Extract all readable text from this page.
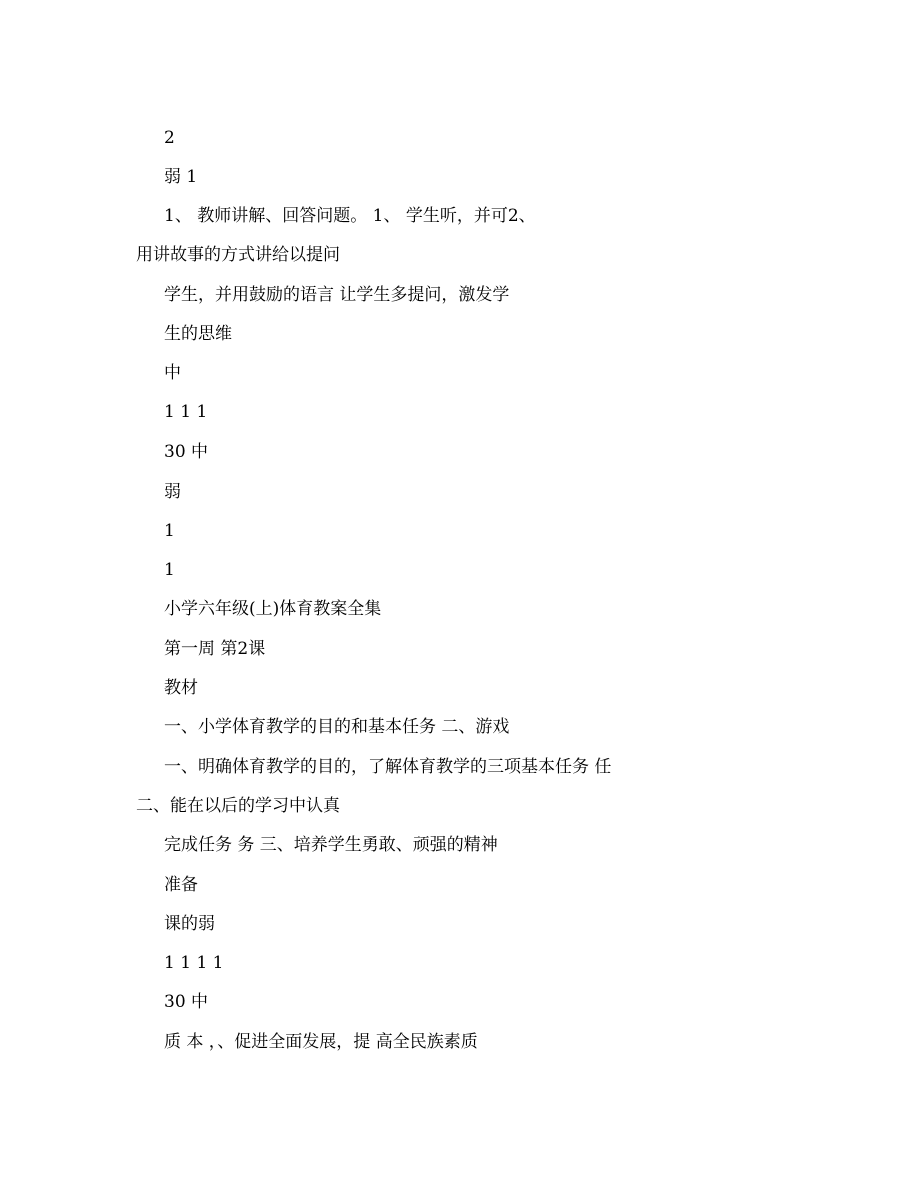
2
弱 1
1、 教师讲解、回答问题。 1、 学生听，并可2、
用讲故事的方式讲给以提问
学生，并用鼓励的语言 让学生多提问，激发学
生的思维
中
1 1 1
30 中
弱
1
1
小学六年级(上)体育教案全集
第一周 第2课
教材
一、小学体育教学的目的和基本任务 二、游戏
一、明确体育教学的目的，了解体育教学的三项基本任务 任
二、能在以后的学习中认真
完成任务 务 三、培养学生勇敢、顽强的精神
准备
课的弱
1 1 1 1
30 中
质 本 ，、促进全面发展，提 高全民族素质
